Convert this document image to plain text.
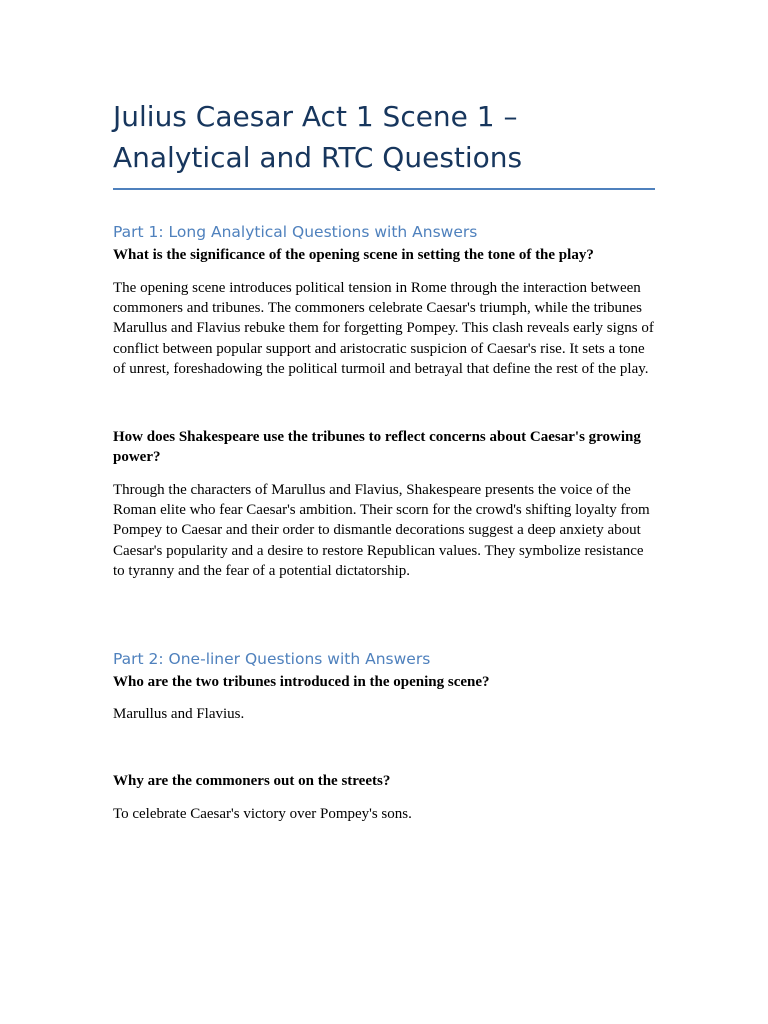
Julius Caesar Act 1 Scene 1 – Analytical and RTC Questions
Part 1: Long Analytical Questions with Answers

What is the significance of the opening scene in setting the tone of the play?

The opening scene introduces political tension in Rome through the interaction between commoners and tribunes. The commoners celebrate Caesar's triumph, while the tribunes Marullus and Flavius rebuke them for forgetting Pompey. This clash reveals early signs of conflict between popular support and aristocratic suspicion of Caesar's rise. It sets a tone of unrest, foreshadowing the political turmoil and betrayal that define the rest of the play.

How does Shakespeare use the tribunes to reflect concerns about Caesar's growing power?

Through the characters of Marullus and Flavius, Shakespeare presents the voice of the Roman elite who fear Caesar's ambition. Their scorn for the crowd's shifting loyalty from Pompey to Caesar and their order to dismantle decorations suggest a deep anxiety about Caesar's popularity and a desire to restore Republican values. They symbolize resistance to tyranny and the fear of a potential dictatorship.

Part 2: One-liner Questions with Answers

Who are the two tribunes introduced in the opening scene?

Marullus and Flavius.

Why are the commoners out on the streets?

To celebrate Caesar's victory over Pompey's sons.
